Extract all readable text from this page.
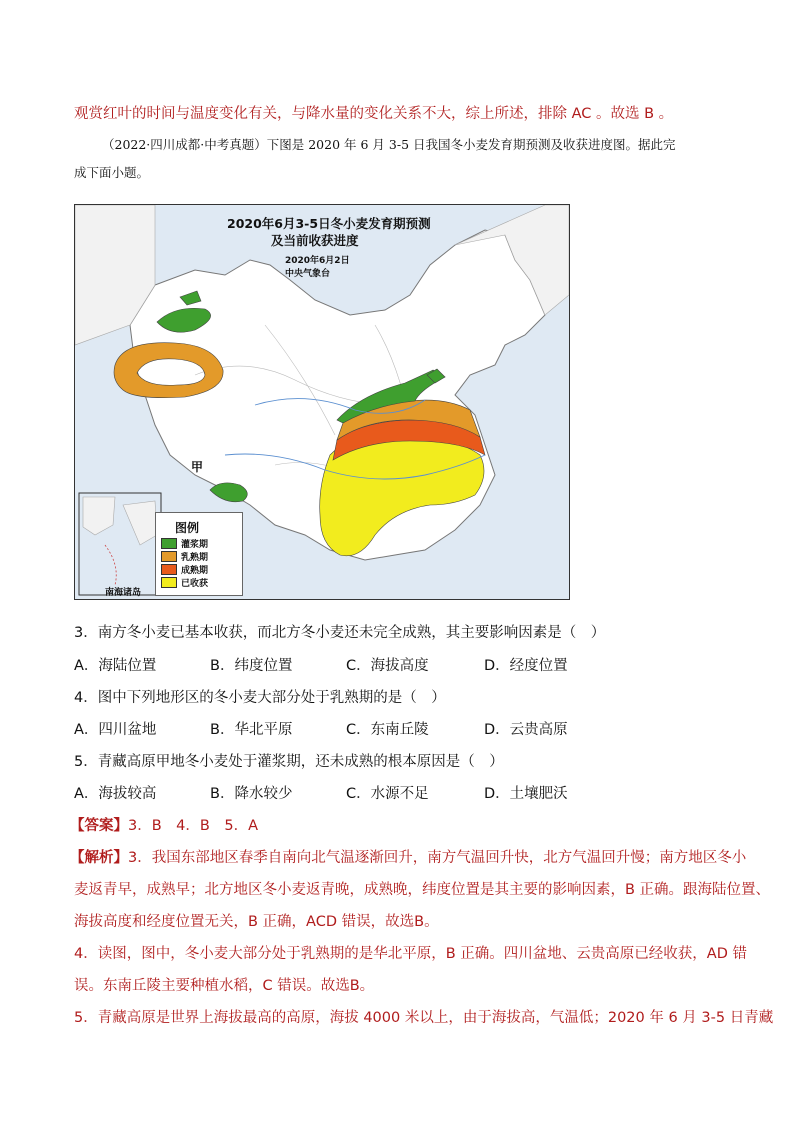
观赏红叶的时间与温度变化有关，与降水量的变化关系不大，综上所述，排除 AC 。故选 B 。
（2022·四川成都·中考真题）下图是 2020 年 6 月 3-5 日我国冬小麦发育期预测及收获进度图。据此完
成下面小题。
2020年6月3-5日冬小麦发育期预测
及当前收获进度
2020年6月2日
中央气象台
甲
南海诸岛
图例
灌浆期
乳熟期
成熟期
已收获
3．南方冬小麦已基本收获，而北方冬小麦还未完全成熟，其主要影响因素是（　）
A．海陆位置	B．纬度位置	C．海拔高度	D．经度位置
4．图中下列地形区的冬小麦大部分处于乳熟期的是（　）
A．四川盆地	B．华北平原	C．东南丘陵	D．云贵高原
5．青藏高原甲地冬小麦处于灌浆期，还未成熟的根本原因是（　）
A．海拔较高	B．降水较少	C．水源不足	D．土壤肥沃
【答案】3．B　4．B　5．A
【解析】3．我国东部地区春季自南向北气温逐渐回升，南方气温回升快，北方气温回升慢；南方地区冬小
麦返青早，成熟早；北方地区冬小麦返青晚，成熟晚，纬度位置是其主要的影响因素，B 正确。跟海陆位置、
海拔高度和经度位置无关，B 正确，ACD 错误，故选B。
4．读图，图中，冬小麦大部分处于乳熟期的是华北平原，B 正确。四川盆地、云贵高原已经收获，AD 错
误。东南丘陵主要种植水稻，C 错误。故选B。
5．青藏高原是世界上海拔最高的高原，海拔 4000 米以上，由于海拔高，气温低；2020 年 6 月 3-5 日青藏
